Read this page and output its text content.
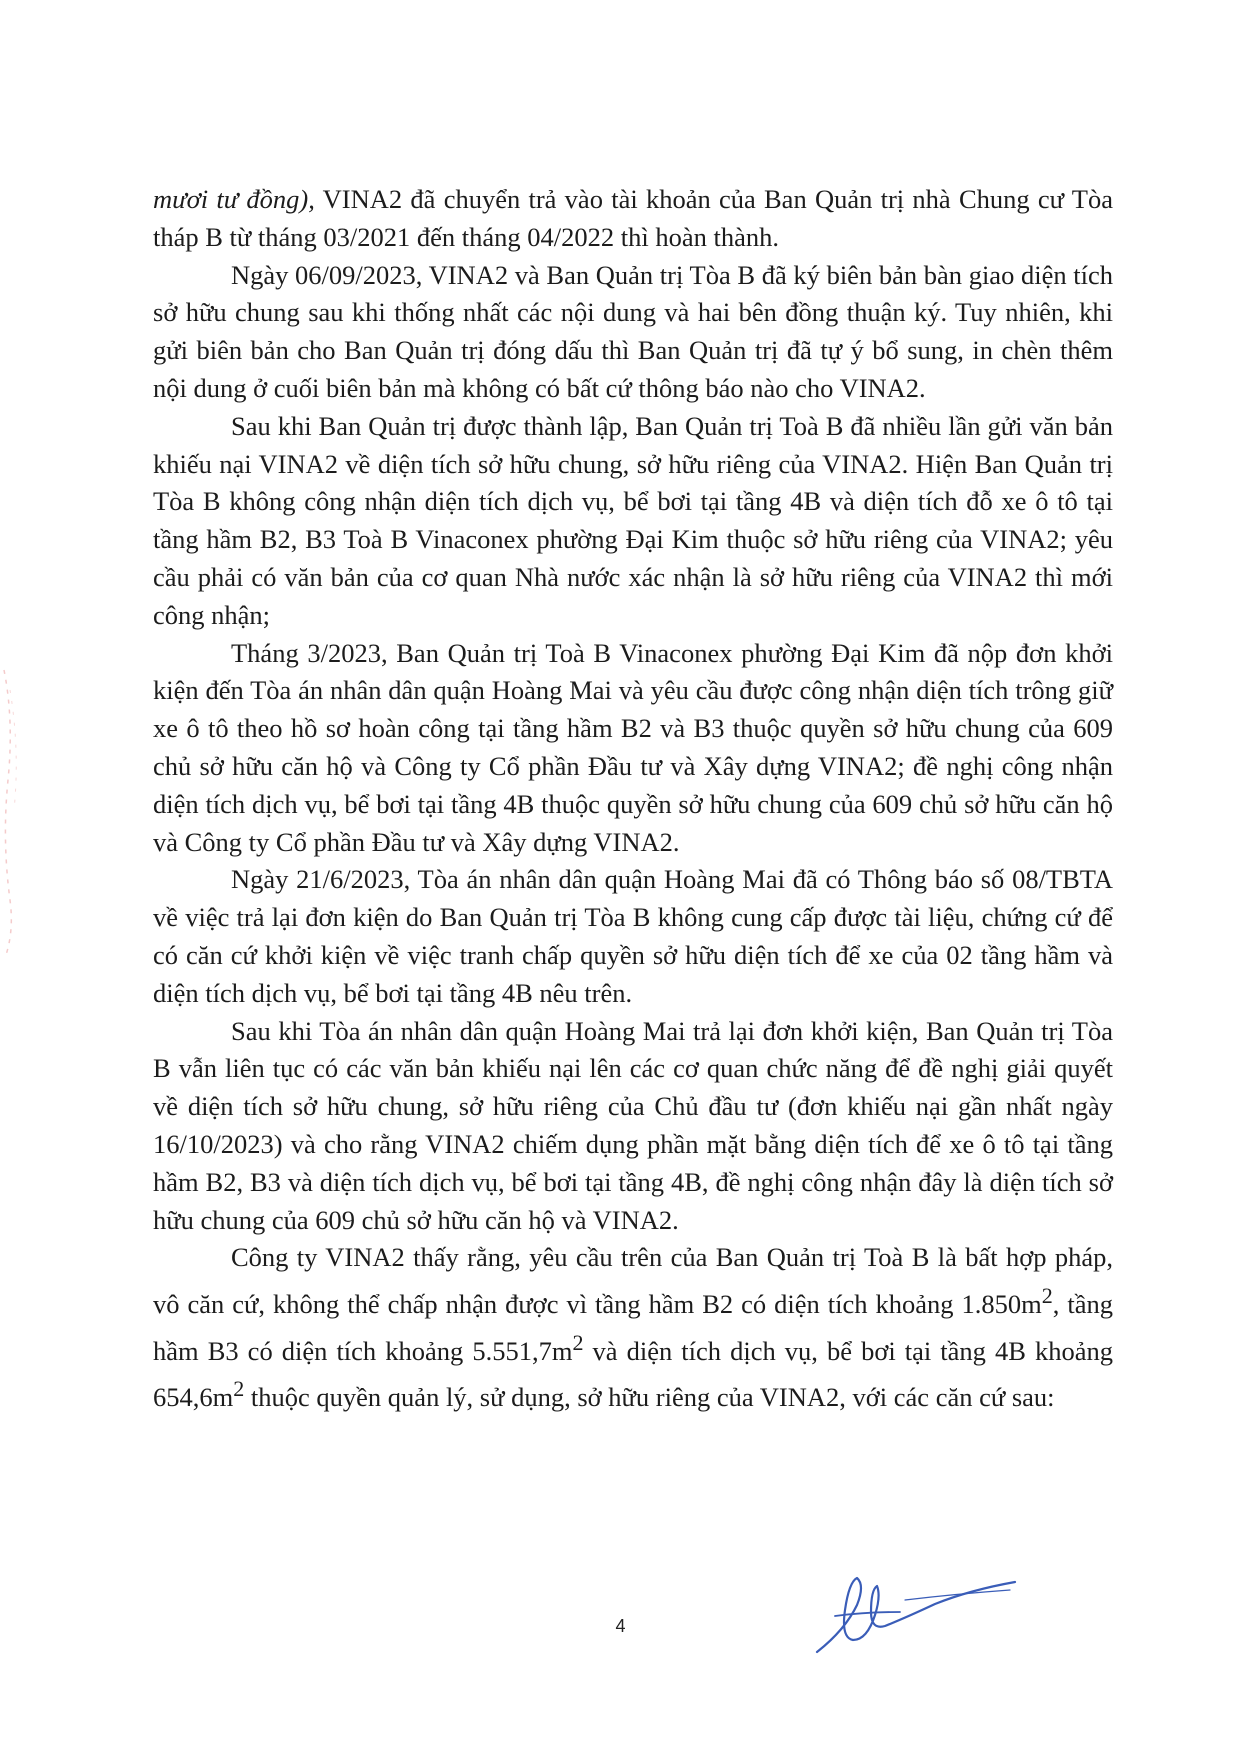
mươi tư đồng), VINA2 đã chuyển trả vào tài khoản của Ban Quản trị nhà Chung cư Tòa tháp B từ tháng 03/2021 đến tháng 04/2022 thì hoàn thành.

Ngày 06/09/2023, VINA2 và Ban Quản trị Tòa B đã ký biên bản bàn giao diện tích sở hữu chung sau khi thống nhất các nội dung và hai bên đồng thuận ký. Tuy nhiên, khi gửi biên bản cho Ban Quản trị đóng dấu thì Ban Quản trị đã tự ý bổ sung, in chèn thêm nội dung ở cuối biên bản mà không có bất cứ thông báo nào cho VINA2.

Sau khi Ban Quản trị được thành lập, Ban Quản trị Toà B đã nhiều lần gửi văn bản khiếu nại VINA2 về diện tích sở hữu chung, sở hữu riêng của VINA2. Hiện Ban Quản trị Tòa B không công nhận diện tích dịch vụ, bể bơi tại tầng 4B và diện tích đỗ xe ô tô tại tầng hầm B2, B3 Toà B Vinaconex phường Đại Kim thuộc sở hữu riêng của VINA2; yêu cầu phải có văn bản của cơ quan Nhà nước xác nhận là sở hữu riêng của VINA2 thì mới công nhận;

Tháng 3/2023, Ban Quản trị Toà B Vinaconex phường Đại Kim đã nộp đơn khởi kiện đến Tòa án nhân dân quận Hoàng Mai và yêu cầu được công nhận diện tích trông giữ xe ô tô theo hồ sơ hoàn công tại tầng hầm B2 và B3 thuộc quyền sở hữu chung của 609 chủ sở hữu căn hộ và Công ty Cổ phần Đầu tư và Xây dựng VINA2; đề nghị công nhận diện tích dịch vụ, bể bơi tại tầng 4B thuộc quyền sở hữu chung của 609 chủ sở hữu căn hộ và Công ty Cổ phần Đầu tư và Xây dựng VINA2.

Ngày 21/6/2023, Tòa án nhân dân quận Hoàng Mai đã có Thông báo số 08/TBTA về việc trả lại đơn kiện do Ban Quản trị Tòa B không cung cấp được tài liệu, chứng cứ để có căn cứ khởi kiện về việc tranh chấp quyền sở hữu diện tích để xe của 02 tầng hầm và diện tích dịch vụ, bể bơi tại tầng 4B nêu trên.

Sau khi Tòa án nhân dân quận Hoàng Mai trả lại đơn khởi kiện, Ban Quản trị Tòa B vẫn liên tục có các văn bản khiếu nại lên các cơ quan chức năng để đề nghị giải quyết về diện tích sở hữu chung, sở hữu riêng của Chủ đầu tư (đơn khiếu nại gần nhất ngày 16/10/2023) và cho rằng VINA2 chiếm dụng phần mặt bằng diện tích để xe ô tô tại tầng hầm B2, B3 và diện tích dịch vụ, bể bơi tại tầng 4B, đề nghị công nhận đây là diện tích sở hữu chung của 609 chủ sở hữu căn hộ và VINA2.

Công ty VINA2 thấy rằng, yêu cầu trên của Ban Quản trị Toà B là bất hợp pháp, vô căn cứ, không thể chấp nhận được vì tầng hầm B2 có diện tích khoảng $1.850m^2$, tầng hầm B3 có diện tích khoảng $5.551,7m^2$ và diện tích dịch vụ, bể bơi tại tầng 4B khoảng $654,6m^2$ thuộc quyền quản lý, sử dụng, sở hữu riêng của VINA2, với các căn cứ sau:

4
